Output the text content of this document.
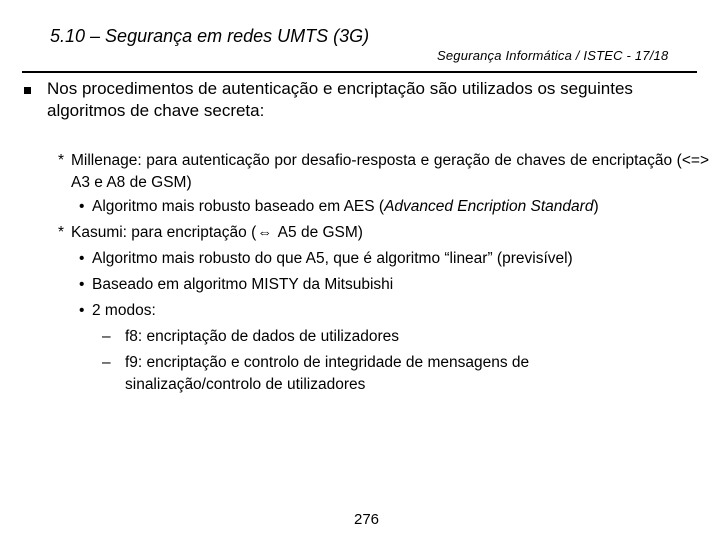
5.10 – Segurança em redes UMTS (3G)
Segurança Informática / ISTEC - 17/18
Nos procedimentos de autenticação e encriptação são utilizados os seguintes algoritmos de chave secreta:
* Millenage: para autenticação por desafio-resposta e geração de chaves de encriptação (<=> A3 e A8 de GSM)
• Algoritmo mais robusto baseado em AES (Advanced Encription Standard)
* Kasumi: para encriptação (⇔ A5 de GSM)
• Algoritmo mais robusto do que A5, que é algoritmo “linear” (previsível)
• Baseado em algoritmo MISTY da Mitsubishi
• 2 modos:
– f8: encriptação de dados de utilizadores
– f9: encriptação e controlo de integridade de mensagens de sinalização/controlo de utilizadores
276
